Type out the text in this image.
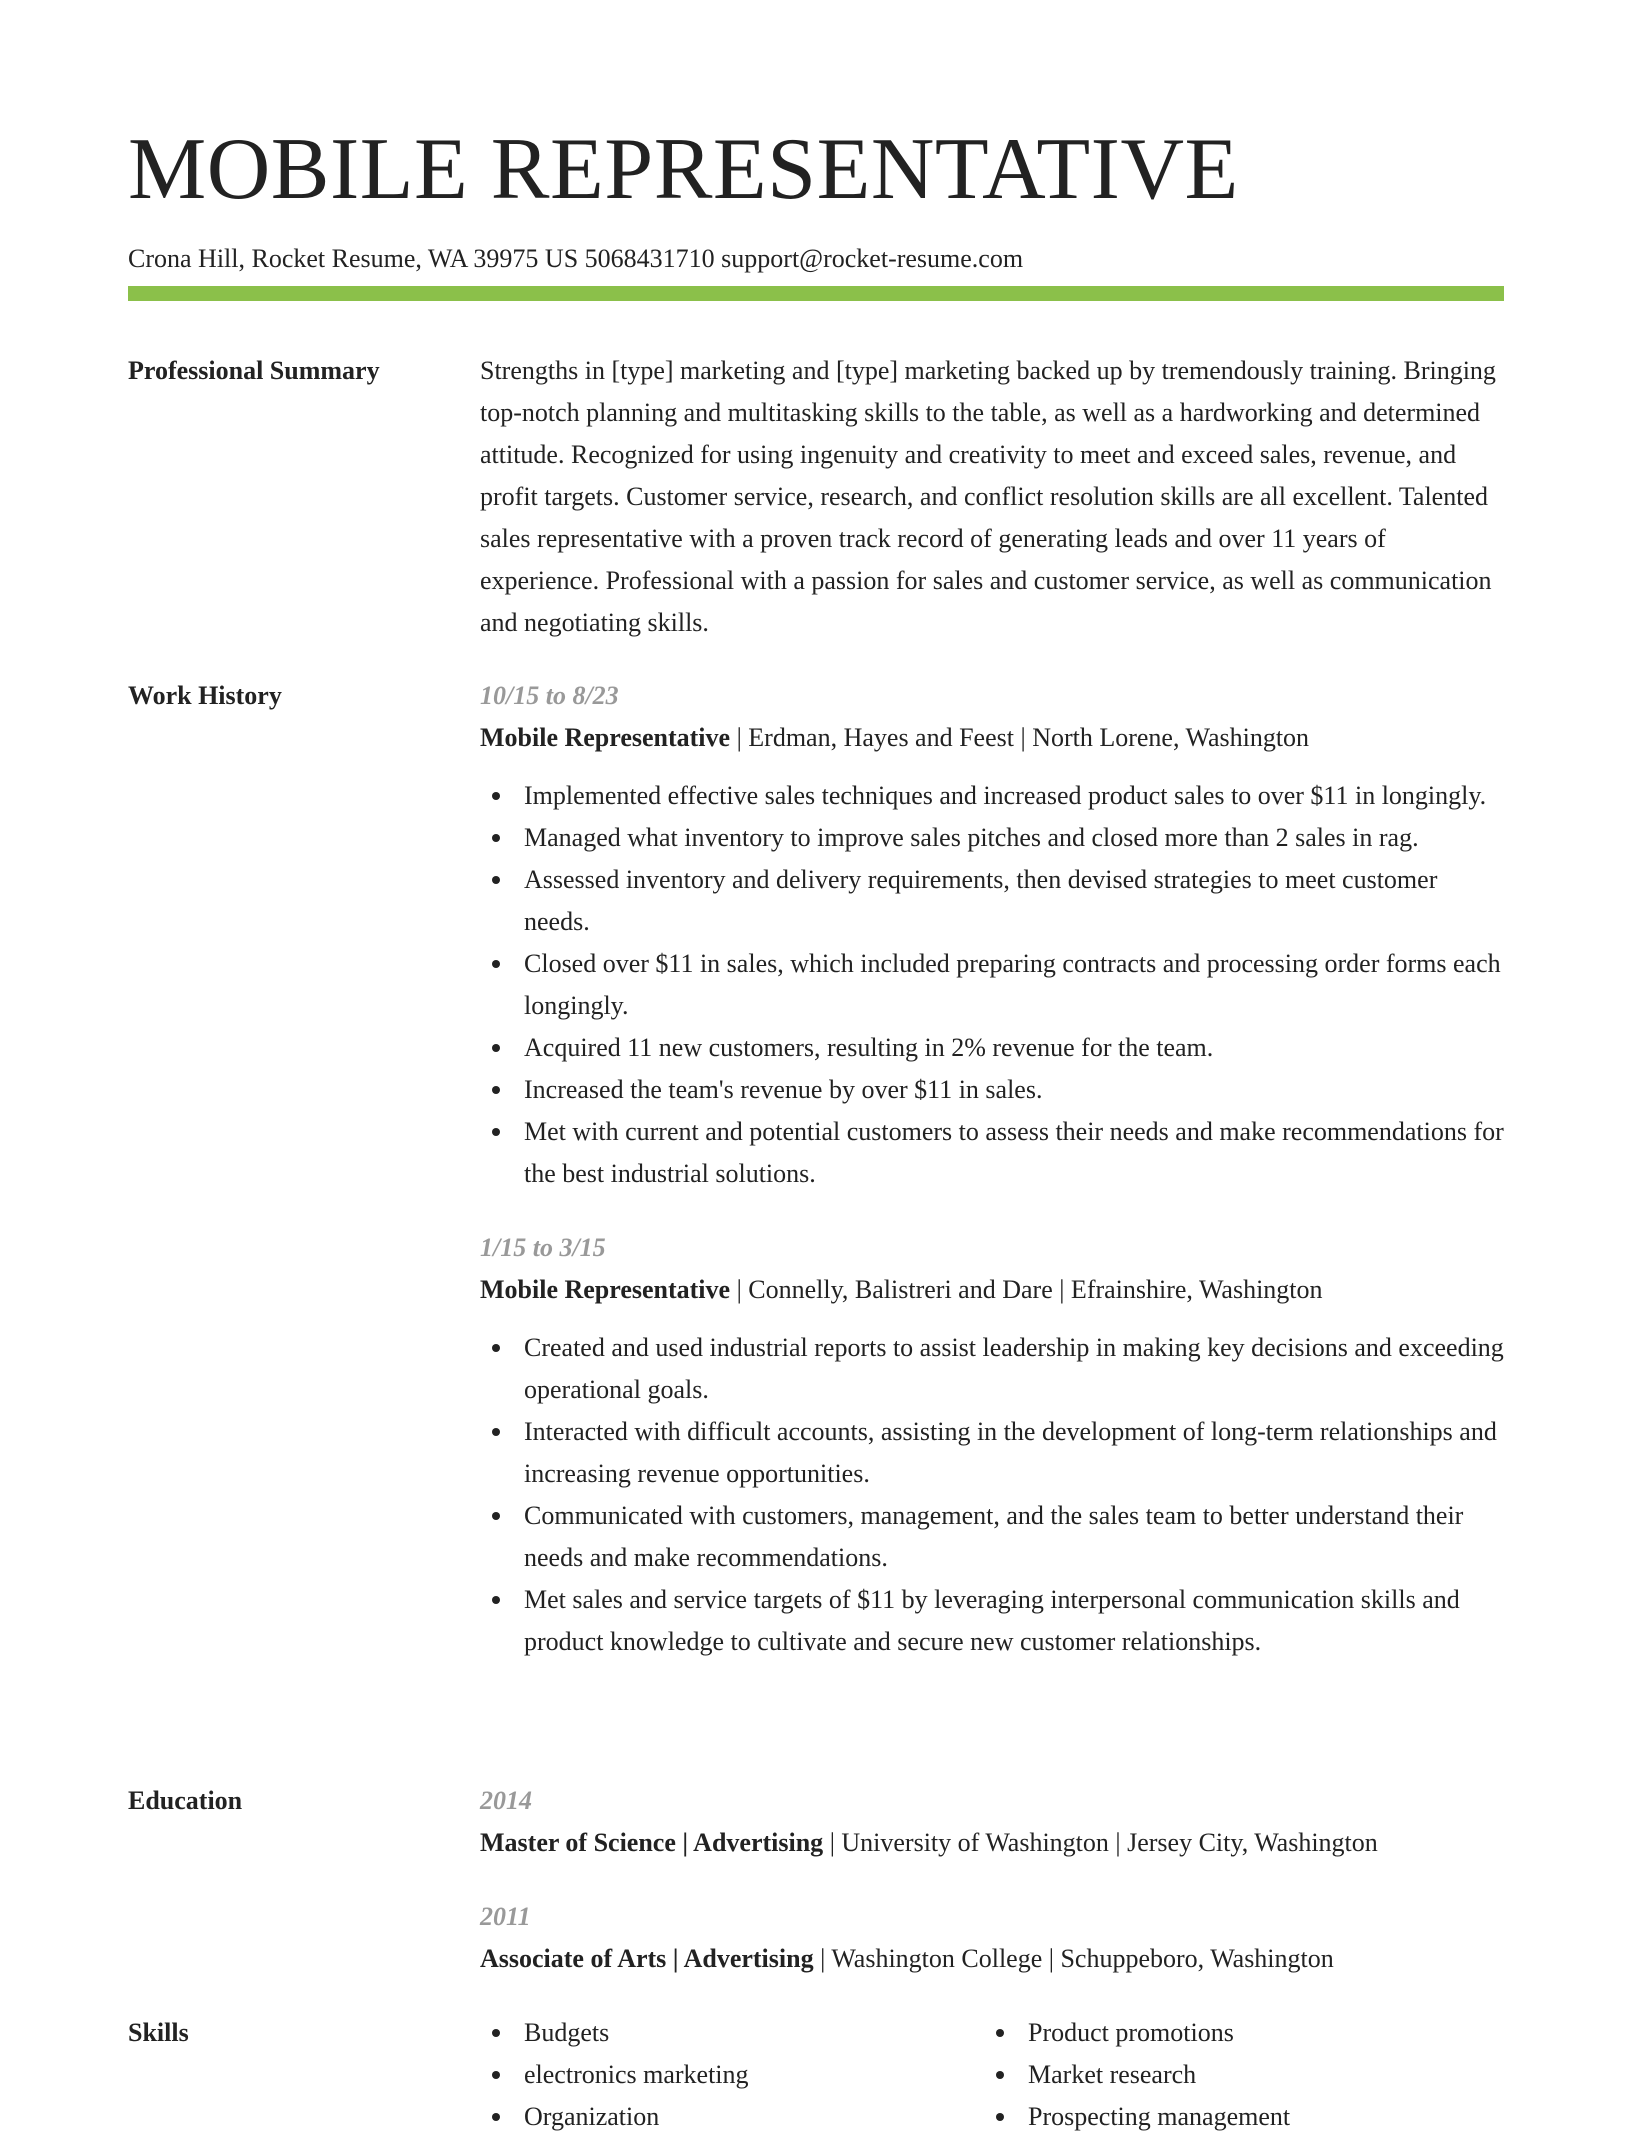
MOBILE REPRESENTATIVE
Crona Hill, Rocket Resume, WA 39975 US 5068431710 support@rocket-resume.com
Professional Summary	Strengths in [type] marketing and [type] marketing backed up by tremendously training. Bringing top-notch planning and multitasking skills to the table, as well as a hardworking and determined attitude. Recognized for using ingenuity and creativity to meet and exceed sales, revenue, and profit targets. Customer service, research, and conflict resolution skills are all excellent. Talented sales representative with a proven track record of generating leads and over 11 years of experience. Professional with a passion for sales and customer service, as well as communication and negotiating skills.

Work History	10/15 to 8/23
Mobile Representative | Erdman, Hayes and Feest | North Lorene, Washington
Implemented effective sales techniques and increased product sales to over $11 in longingly.
Managed what inventory to improve sales pitches and closed more than 2 sales in rag.
Assessed inventory and delivery requirements, then devised strategies to meet customer needs.
Closed over $11 in sales, which included preparing contracts and processing order forms each longingly.
Acquired 11 new customers, resulting in 2% revenue for the team.
Increased the team's revenue by over $11 in sales.
Met with current and potential customers to assess their needs and make recommendations for the best industrial solutions.
1/15 to 3/15
Mobile Representative | Connelly, Balistreri and Dare | Efrainshire, Washington
Created and used industrial reports to assist leadership in making key decisions and exceeding operational goals.
Interacted with difficult accounts, assisting in the development of long-term relationships and increasing revenue opportunities.
Communicated with customers, management, and the sales team to better understand their needs and make recommendations.
Met sales and service targets of $11 by leveraging interpersonal communication skills and product knowledge to cultivate and secure new customer relationships.
Education	2014
Master of Science | Advertising | University of Washington | Jersey City, Washington
2011
Associate of Arts | Advertising | Washington College | Schuppeboro, Washington
Skills	Budgets
electronics marketing
Organization
Product promotions
Market research
Prospecting management
